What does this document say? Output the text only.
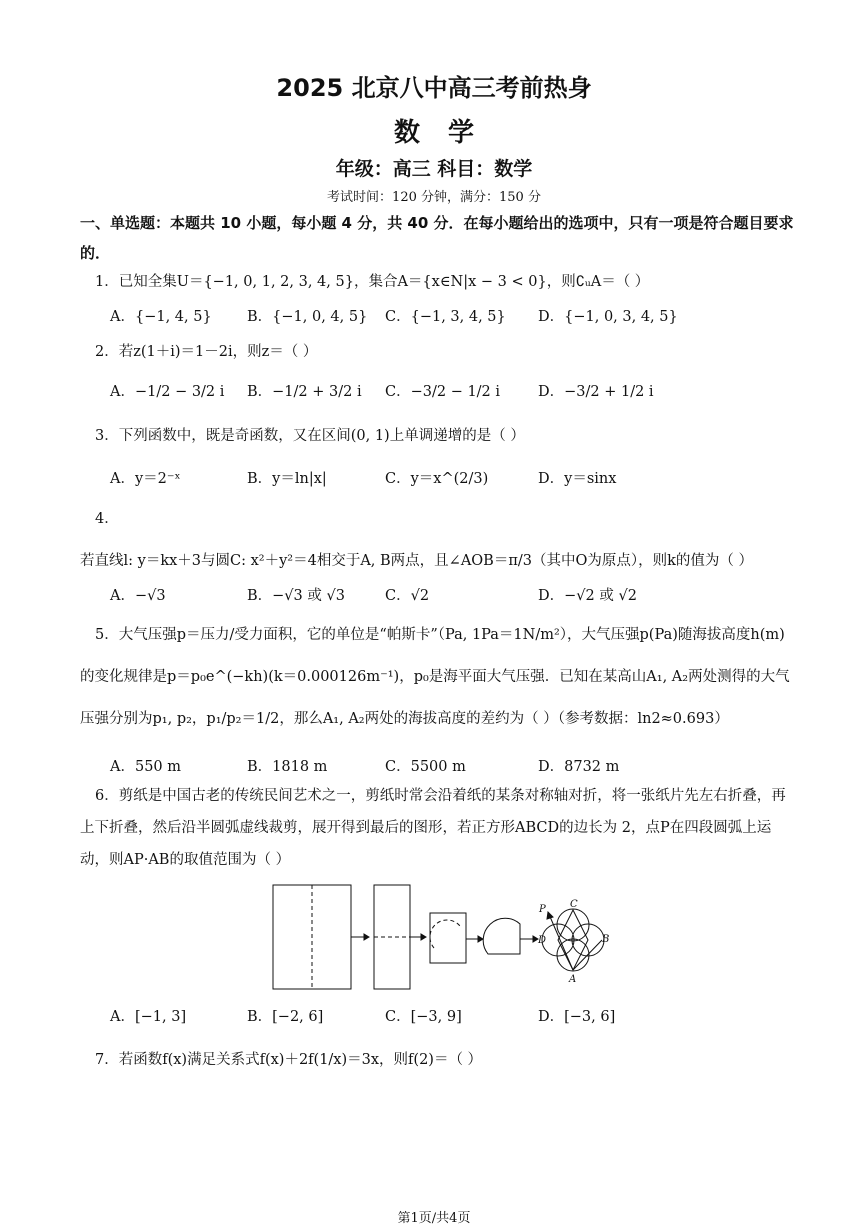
2025 北京八中高三考前热身
数学
年级：高三 科目：数学
考试时间：120 分钟，满分：150 分
一、单选题：本题共 10 小题，每小题 4 分，共 40 分．在每小题给出的选项中，只有一项是符合题目要求的．
1．已知全集U＝{−1, 0, 1, 2, 3, 4, 5}，集合A＝{x∈N|x − 3 < 0}，则∁ᵤA＝（ ）
A．{−1, 4, 5} B．{−1, 0, 4, 5} C．{−1, 3, 4, 5} D．{−1, 0, 3, 4, 5}
2．若z(1＋i)＝1－2i，则z＝（ ）
A．−1/2 − 3/2 i B．−1/2 + 3/2 i C．−3/2 − 1/2 i	D．−3/2 + 1/2 i
3．下列函数中，既是奇函数，又在区间(0, 1)上单调递增的是（ ）
A．y＝2⁻ˣ	B．y＝ln|x|	C．y＝x^(2/3)	D．y＝sinx
4．若直线l: y＝kx＋3与圆C: x²＋y²＝4相交于A, B两点，且∠AOB＝π/3（其中O为原点），则k的值为（ ）
A．−√3	B．−√3 或 √3	C．√2	D．−√2 或 √2
5．大气压强p＝压力/受力面积，它的单位是“帕斯卡”（Pa, 1Pa＝1N/m²），大气压强p(Pa)随海拔高度h(m)的变化规律是p＝p₀e^(−kh)(k＝0.000126m⁻¹)，p₀是海平面大气压强．已知在某高山A₁, A₂两处测得的大气压强分别为p₁, p₂，p₁/p₂＝1/2，那么A₁, A₂两处的海拔高度的差约为（ ）（参考数据：ln2≈0.693）
A．550 m	B．1818 m	C．5500 m	D．8732 m
6．剪纸是中国古老的传统民间艺术之一，剪纸时常会沿着纸的某条对称轴对折，将一张纸片先左右折叠，再上下折叠，然后沿半圆弧虚线裁剪，展开得到最后的图形，若正方形ABCD的边长为 2，点P在四段圆弧上运动，则AP·AB的取值范围为（ ）
P C
D	B
A
A．[−1, 3]	B．[−2, 6]	C．[−3, 9]	D．[−3, 6]
7．若函数f(x)满足关系式f(x)＋2f(1/x)＝3x，则f(2)＝（ ）
第1页/共4页
